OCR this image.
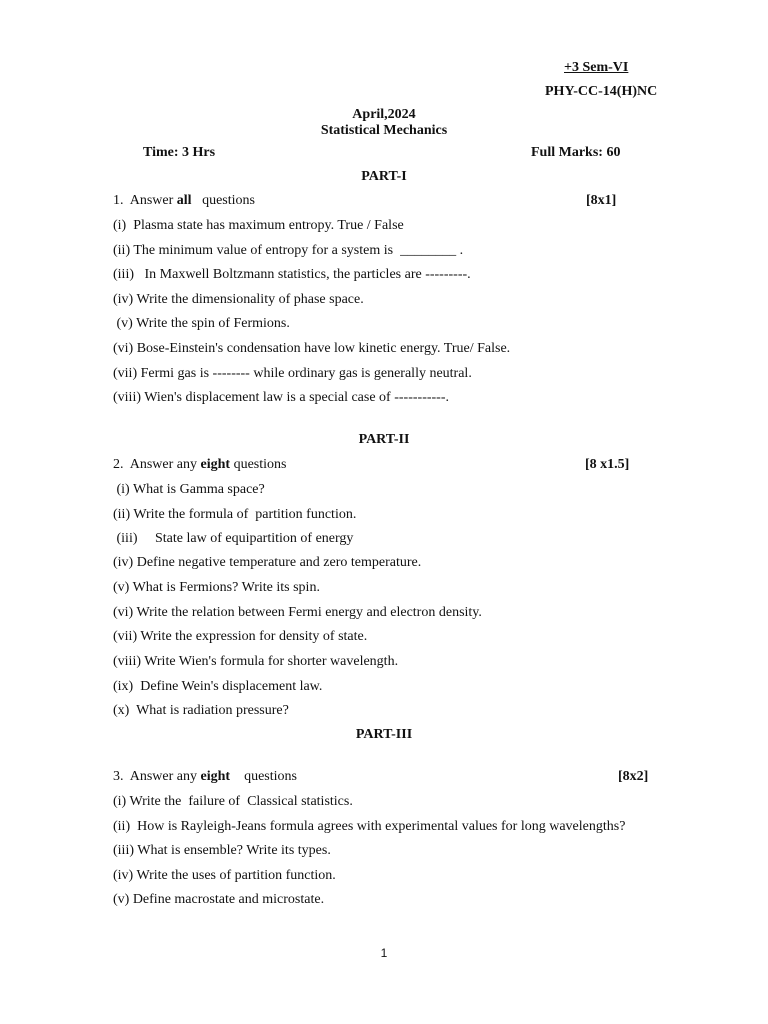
+3 Sem-VI
PHY-CC-14(H)NC
April,2024
Statistical Mechanics
Time: 3 Hrs	Full Marks: 60
PART-I
1.  Answer all   questions	[8x1]
(i)  Plasma state has maximum entropy. True / False
(ii) The minimum value of entropy for a system is  ________ .
(iii)   In Maxwell Boltzmann statistics, the particles are ---------.
(iv) Write the dimensionality of phase space.
(v) Write the spin of Fermions.
(vi) Bose-Einstein's condensation have low kinetic energy. True/ False.
(vii) Fermi gas is -------- while ordinary gas is generally neutral.
(viii) Wien's displacement law is a special case of -----------.
PART-II
2.  Answer any eight questions	[8 x1.5]
(i) What is Gamma space?
(ii) Write the formula of  partition function.
(iii)     State law of equipartition of energy
(iv) Define negative temperature and zero temperature.
(v) What is Fermions? Write its spin.
(vi) Write the relation between Fermi energy and electron density.
(vii) Write the expression for density of state.
(viii) Write Wien's formula for shorter wavelength.
(ix)  Define Wein's displacement law.
(x)  What is radiation pressure?
PART-III
3.  Answer any eight    questions	[8x2]
(i) Write the  failure of  Classical statistics.
(ii)  How is Rayleigh-Jeans formula agrees with experimental values for long wavelengths?
(iii) What is ensemble? Write its types.
(iv) Write the uses of partition function.
(v) Define macrostate and microstate.
1
